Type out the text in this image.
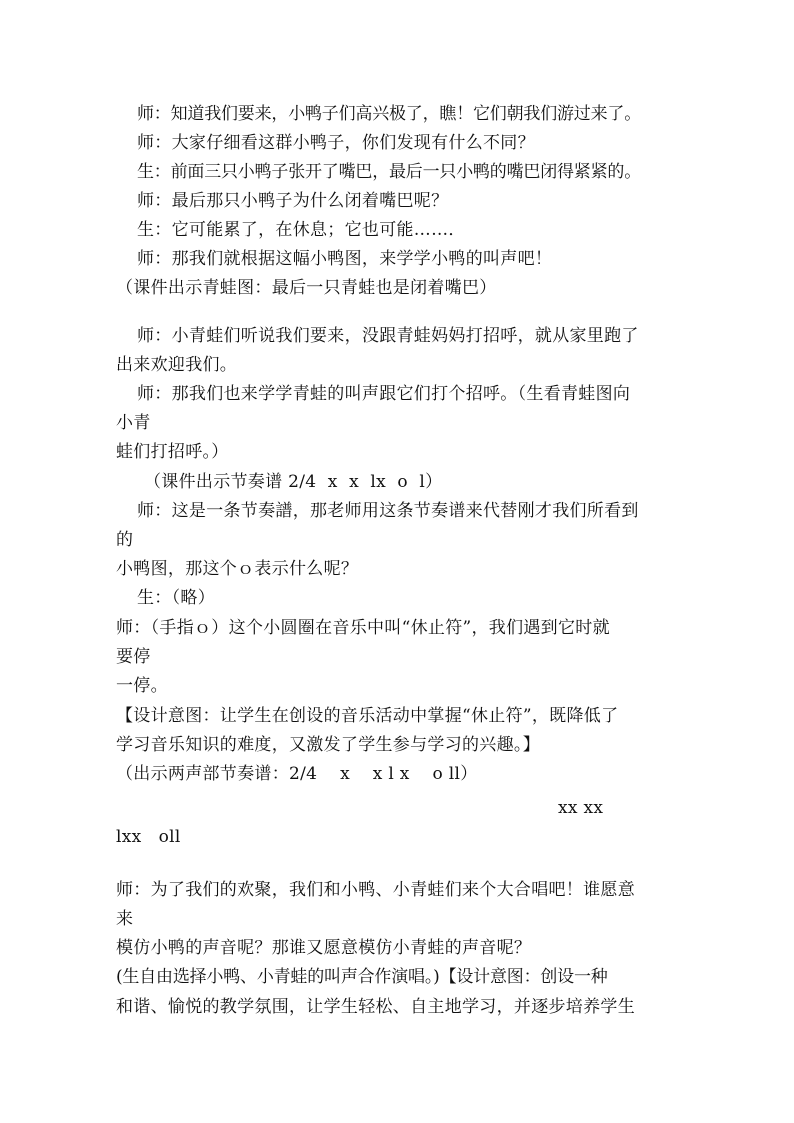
师：知道我们要来，小鸭子们高兴极了，瞧！它们朝我们游过来了。
师：大家仔细看这群小鸭子，你们发现有什么不同？
生：前面三只小鸭子张开了嘴巴，最后一只小鸭的嘴巴闭得紧紧的。
师：最后那只小鸭子为什么闭着嘴巴呢？
生：它可能累了，在休息；它也可能……．
师：那我们就根据这幅小鸭图，来学学小鸭的叫声吧！
（课件出示青蛙图：最后一只青蛙也是闭着嘴巴）
师：小青蛙们听说我们要来，没跟青蛙妈妈打招呼，就从家里跑了
出来欢迎我们。
师：那我们也来学学青蛙的叫声跟它们打个招呼。（生看青蛙图向
小青
蛙们打招呼。）
（课件出示节奏谱 2/4  x  x  lx  o  l）
师：这是一条节奏譜，那老师用这条节奏谱来代替刚才我们所看到
的
小鸭图，那这个ｏ表示什么呢？
生：（略）
师：（手指ｏ）这个小圆圈在音乐中叫“休止符”，我们遇到它时就
要停
一停。
【设计意图：让学生在创设的音乐活动中掌握“休止符”，既降低了
学习音乐知识的难度，又激发了学生参与学习的兴趣。】
（出示两声部节奏谱：2/4    x    x l x    o ll）
xx xx
lxx   oll
师：为了我们的欢聚，我们和小鸭、小青蛙们来个大合唱吧！谁愿意
来
模仿小鸭的声音呢？那谁又愿意模仿小青蛙的声音呢？
(生自由选择小鸭、小青蛙的叫声合作演唱。)【设计意图：创设一种
和谐、愉悦的教学氛围，让学生轻松、自主地学习，并逐步培养学生
